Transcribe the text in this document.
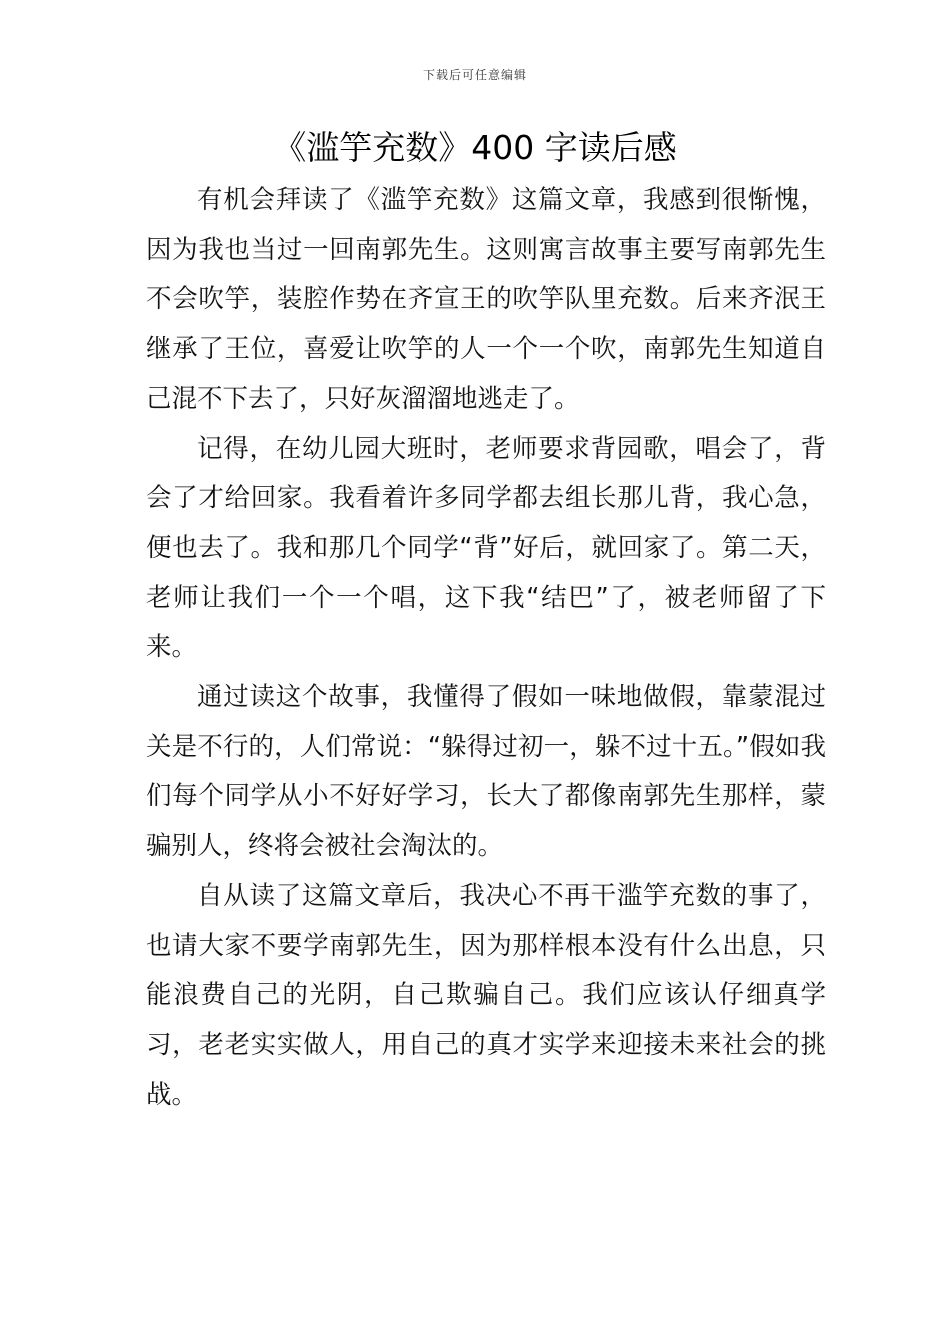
下载后可任意编辑
《滥竽充数》400 字读后感

有机会拜读了《滥竽充数》这篇文章，我感到很惭愧，因为我也当过一回南郭先生。这则寓言故事主要写南郭先生不会吹竽，装腔作势在齐宣王的吹竽队里充数。后来齐泯王继承了王位，喜爱让吹竽的人一个一个吹，南郭先生知道自己混不下去了，只好灰溜溜地逃走了。

记得，在幼儿园大班时，老师要求背园歌，唱会了，背会了才给回家。我看着许多同学都去组长那儿背，我心急，便也去了。我和那几个同学“背”好后，就回家了。第二天，老师让我们一个一个唱，这下我“结巴”了，被老师留了下来。

通过读这个故事，我懂得了假如一味地做假，靠蒙混过关是不行的，人们常说：“躲得过初一，躲不过十五。”假如我们每个同学从小不好好学习，长大了都像南郭先生那样，蒙骗别人，终将会被社会淘汰的。

自从读了这篇文章后，我决心不再干滥竽充数的事了，也请大家不要学南郭先生，因为那样根本没有什么出息，只能浪费自己的光阴，自己欺骗自己。我们应该认仔细真学习，老老实实做人，用自己的真才实学来迎接未来社会的挑战。
